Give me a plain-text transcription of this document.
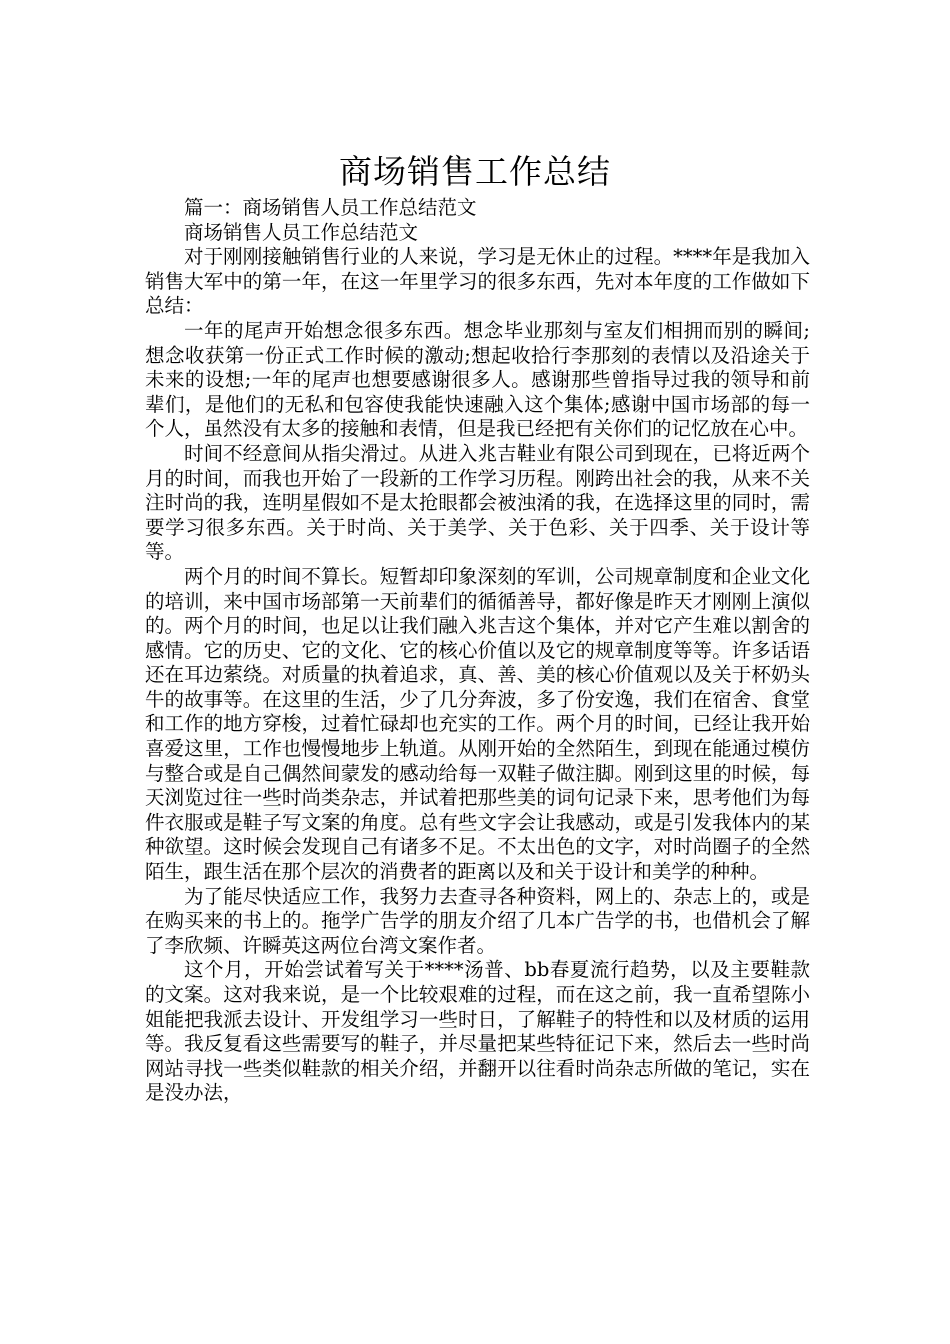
商场销售工作总结

篇一：商场销售人员工作总结范文

商场销售人员工作总结范文

对于刚刚接触销售行业的人来说，学习是无休止的过程。****年是我加入销售大军中的第一年，在这一年里学习的很多东西，先对本年度的工作做如下总结：

一年的尾声开始想念很多东西。想念毕业那刻与室友们相拥而别的瞬间;想念收获第一份正式工作时候的激动;想起收拾行李那刻的表情以及沿途关于未来的设想;一年的尾声也想要感谢很多人。感谢那些曾指导过我的领导和前辈们，是他们的无私和包容使我能快速融入这个集体;感谢中国市场部的每一个人，虽然没有太多的接触和表情，但是我已经把有关你们的记忆放在心中。

时间不经意间从指尖滑过。从进入兆吉鞋业有限公司到现在，已将近两个月的时间，而我也开始了一段新的工作学习历程。刚跨出社会的我，从来不关注时尚的我，连明星假如不是太抢眼都会被浊淆的我，在选择这里的同时，需要学习很多东西。关于时尚、关于美学、关于色彩、关于四季、关于设计等等。

两个月的时间不算长。短暂却印象深刻的军训，公司规章制度和企业文化的培训，来中国市场部第一天前辈们的循循善导，都好像是昨天才刚刚上演似的。两个月的时间，也足以让我们融入兆吉这个集体，并对它产生难以割舍的感情。它的历史、它的文化、它的核心价值以及它的规章制度等等。许多话语还在耳边萦绕。对质量的执着追求，真、善、美的核心价值观以及关于杯奶头牛的故事等。在这里的生活，少了几分奔波，多了份安逸，我们在宿舍、食堂和工作的地方穿梭，过着忙碌却也充实的工作。两个月的时间，已经让我开始喜爱这里，工作也慢慢地步上轨道。从刚开始的全然陌生，到现在能通过模仿与整合或是自己偶然间蒙发的感动给每一双鞋子做注脚。刚到这里的时候，每天浏览过往一些时尚类杂志，并试着把那些美的词句记录下来，思考他们为每件衣服或是鞋子写文案的角度。总有些文字会让我感动，或是引发我体内的某种欲望。这时候会发现自己有诸多不足。不太出色的文字，对时尚圈子的全然陌生，跟生活在那个层次的消费者的距离以及和关于设计和美学的种种。

为了能尽快适应工作，我努力去查寻各种资料，网上的、杂志上的，或是在购买来的书上的。拖学广告学的朋友介绍了几本广告学的书，也借机会了解了李欣频、许瞬英这两位台湾文案作者。

这个月，开始尝试着写关于****汤普、bb春夏流行趋势，以及主要鞋款的文案。这对我来说，是一个比较艰难的过程，而在这之前，我一直希望陈小姐能把我派去设计、开发组学习一些时日，了解鞋子的特性和以及材质的运用等。我反复看这些需要写的鞋子，并尽量把某些特征记下来，然后去一些时尚网站寻找一些类似鞋款的相关介绍，并翻开以往看时尚杂志所做的笔记，实在是没办法，
